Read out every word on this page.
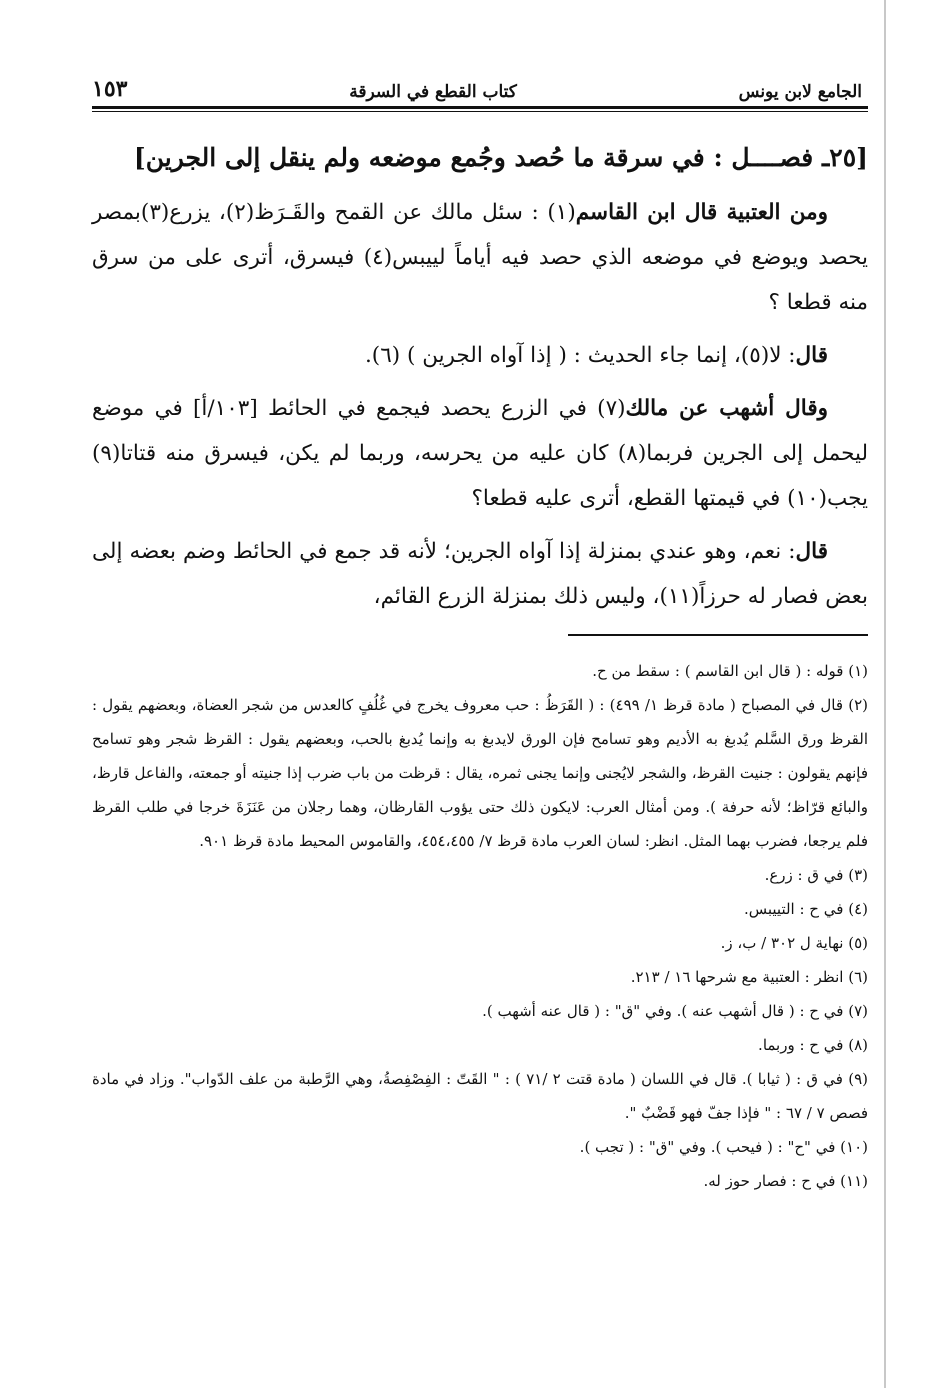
الجامع لابن يونس
كتاب القطع في السرقة
١٥٣
[٢٥ـ فصــــل : في سرقة ما حُصد وجُمع موضعه ولم ينقل إلى الجرين]

ومن العتبية قال ابن القاسم(١) : سئل مالك عن القمح والقَـرَظ(٢)، يزرع(٣)بمصر يحصد ويوضع في موضعه الذي حصد فيه أياماً لييبس(٤) فيسرق، أترى على من سرق منه قطعا ؟

قال: لا(٥)، إنما جاء الحديث : ( إذا آواه الجرين ) (٦).

وقال أشهب عن مالك(٧) في الزرع يحصد فيجمع في الحائط [١٠٣/أ] في موضع ليحمل إلى الجرين فربما(٨) كان عليه من يحرسه، وربما لم يكن، فيسرق منه قتاتا(٩) يجب(١٠) في قيمتها القطع، أترى عليه قطعا؟

قال: نعم، وهو عندي بمنزلة إذا آواه الجرين؛ لأنه قد جمع في الحائط وضم بعضه إلى بعض فصار له حرزاً(١١)، وليس ذلك بمنزلة الزرع القائم،

(١) قوله : ( قال ابن القاسم ) : سقط من ح.
(٢) قال في المصباح ( مادة قرظ ١/ ٤٩٩) : ( القَرَظُ : حب معروف يخرج في غُلُفٍ كالعدس من شجر العضاة، وبعضهم يقول : القرظ ورق السَّلم يُدبغ به الأديم وهو تسامح فإن الورق لايدبغ به وإنما يُدبغ بالحب، وبعضهم يقول : القرظ شجر وهو تسامح فإنهم يقولون : جنيت القرظ، والشجر لايُجنى وإنما يجنى ثمره، يقال : قرظت من باب ضرب إذا جنيته أو جمعته، والفاعل قارظ، والبائع قرّاظ؛ لأنه حرفة ). ومن أمثال العرب: لايكون ذلك حتى يؤوب القارظان، وهما رجلان من عَنَزَةَ خرجا في طلب القرظ فلم يرجعا، فضرب بهما المثل. انظر: لسان العرب مادة قرظ ٧/ ٤٥٤،٤٥٥، والقاموس المحيط مادة قرظ ٩٠١.
(٣) في ق : زرع.
(٤) في ح : التييبس.
(٥) نهاية ل ٣٠٢ / ب، ز.
(٦) انظر : العتبية مع شرحها ١٦ / ٢١٣.
(٧) في ح : ( قال أشهب عنه ). وفي "ق" : ( قال عنه أشهب ).
(٨) في ح : وربما.
(٩) في ق : ( ثيابا ). قال في اللسان ( مادة قتت ٢ /٧١ ) : " القَتّ : الفِصْفِصةُ، وهي الرَّطبة من علف الدّواب". وزاد في مادة فصص ٧ / ٦٧ : " فإذا جفّ فهو قَضْبٌ ".
(١٠) في "ح" : ( فيحب ). وفي "ق" : ( تجب ).
(١١) في ح : فصار حوز له.
